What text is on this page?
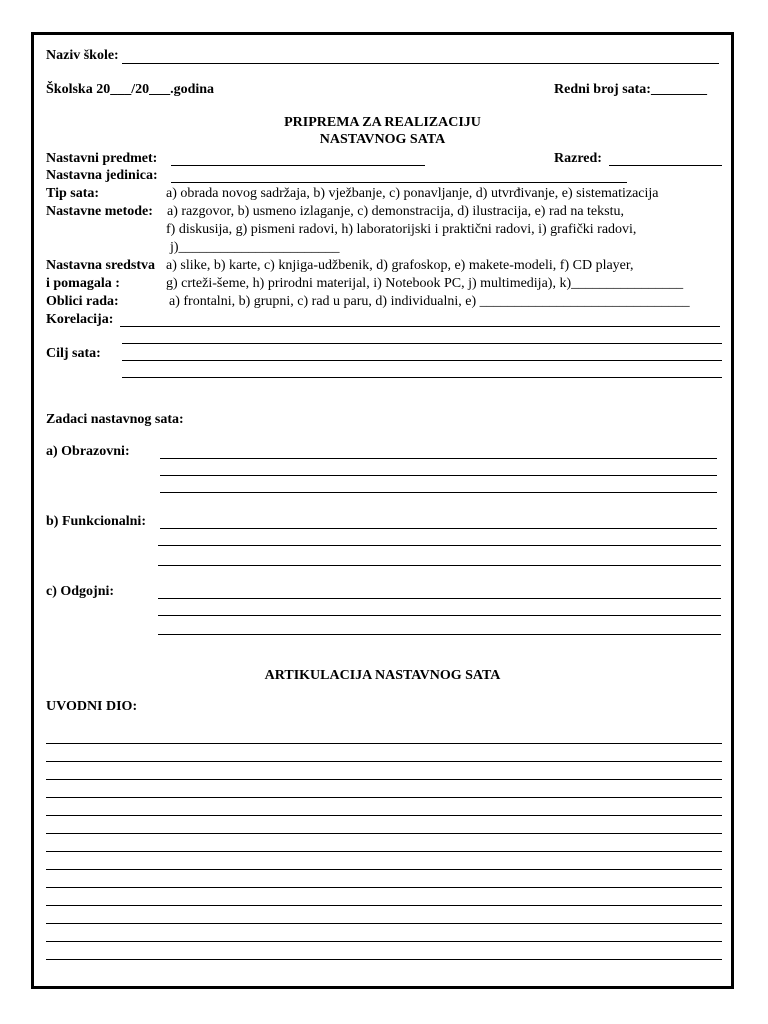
Naziv škole:
Školska 20___/20___.godina	Redni broj sata:________
PRIPREMA ZA REALIZACIJU
NASTAVNOG SATA
Nastavni predmet:	Razred:
Nastavna jedinica:
Tip sata:	a) obrada novog sadržaja, b) vježbanje, c) ponavljanje, d) utvrđivanje, e) sistematizacija
Nastavne metode: a) razgovor, b) usmeno izlaganje, c) demonstracija, d) ilustracija, e) rad na tekstu,
f) diskusija, g) pismeni radovi, h) laboratorijski i praktični radovi, i) grafički radovi,
j)_______________________
Nastavna sredstva a) slike, b) karte, c) knjiga-udžbenik, d) grafoskop, e) makete-modeli, f) CD player,
i pomagala :	g) crteži-šeme, h) prirodni materijal, i) Notebook PC, j) multimedija), k)________________
Oblici rada:	a) frontalni, b) grupni, c) rad u paru, d) individualni, e) ______________________________
Korelacija:
Cilj sata:
Zadaci nastavnog sata:
a) Obrazovni:
b) Funkcionalni:
c) Odgojni:
ARTIKULACIJA NASTAVNOG SATA
UVODNI DIO:
